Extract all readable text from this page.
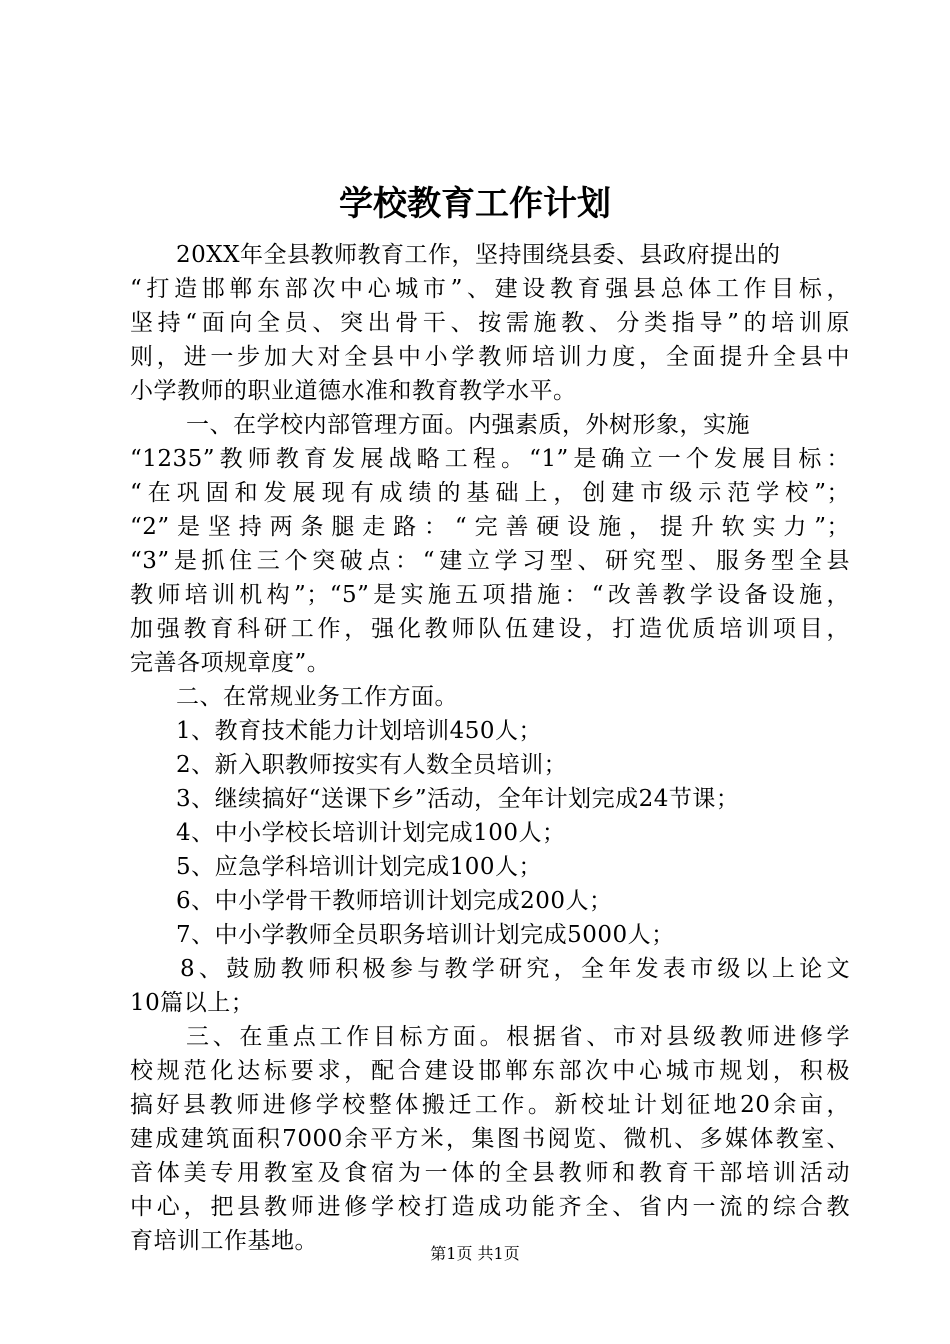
学校教育工作计划
20XX年全县教师教育工作，坚持围绕县委、县政府提出的
“打造邯郸东部次中心城市”、建设教育强县总体工作目标，
坚持“面向全员、突出骨干、按需施教、分类指导”的培训原
则，进一步加大对全县中小学教师培训力度，全面提升全县中
小学教师的职业道德水准和教育教学水平。
一、在学校内部管理方面。内强素质，外树形象，实施
“1235”教师教育发展战略工程。“1”是确立一个发展目标：
“在巩固和发展现有成绩的基础上，创建市级示范学校”；
“2”是坚持两条腿走路：“完善硬设施，提升软实力”；
“3”是抓住三个突破点：“建立学习型、研究型、服务型全县
教师培训机构”；“5”是实施五项措施：“改善教学设备设施，
加强教育科研工作，强化教师队伍建设，打造优质培训项目，
完善各项规章度”。
二、在常规业务工作方面。
1、教育技术能力计划培训450人；
2、新入职教师按实有人数全员培训；
3、继续搞好“送课下乡”活动，全年计划完成24节课；
4、中小学校长培训计划完成100人；
5、应急学科培训计划完成100人；
6、中小学骨干教师培训计划完成200人；
7、中小学教师全员职务培训计划完成5000人；
8、鼓励教师积极参与教学研究，全年发表市级以上论文
10篇以上；
三、在重点工作目标方面。根据省、市对县级教师进修学
校规范化达标要求，配合建设邯郸东部次中心城市规划，积极
搞好县教师进修学校整体搬迁工作。新校址计划征地20余亩，
建成建筑面积7000余平方米，集图书阅览、微机、多媒体教室、
音体美专用教室及食宿为一体的全县教师和教育干部培训活动
中心，把县教师进修学校打造成功能齐全、省内一流的综合教
育培训工作基地。	第1页 共1页
